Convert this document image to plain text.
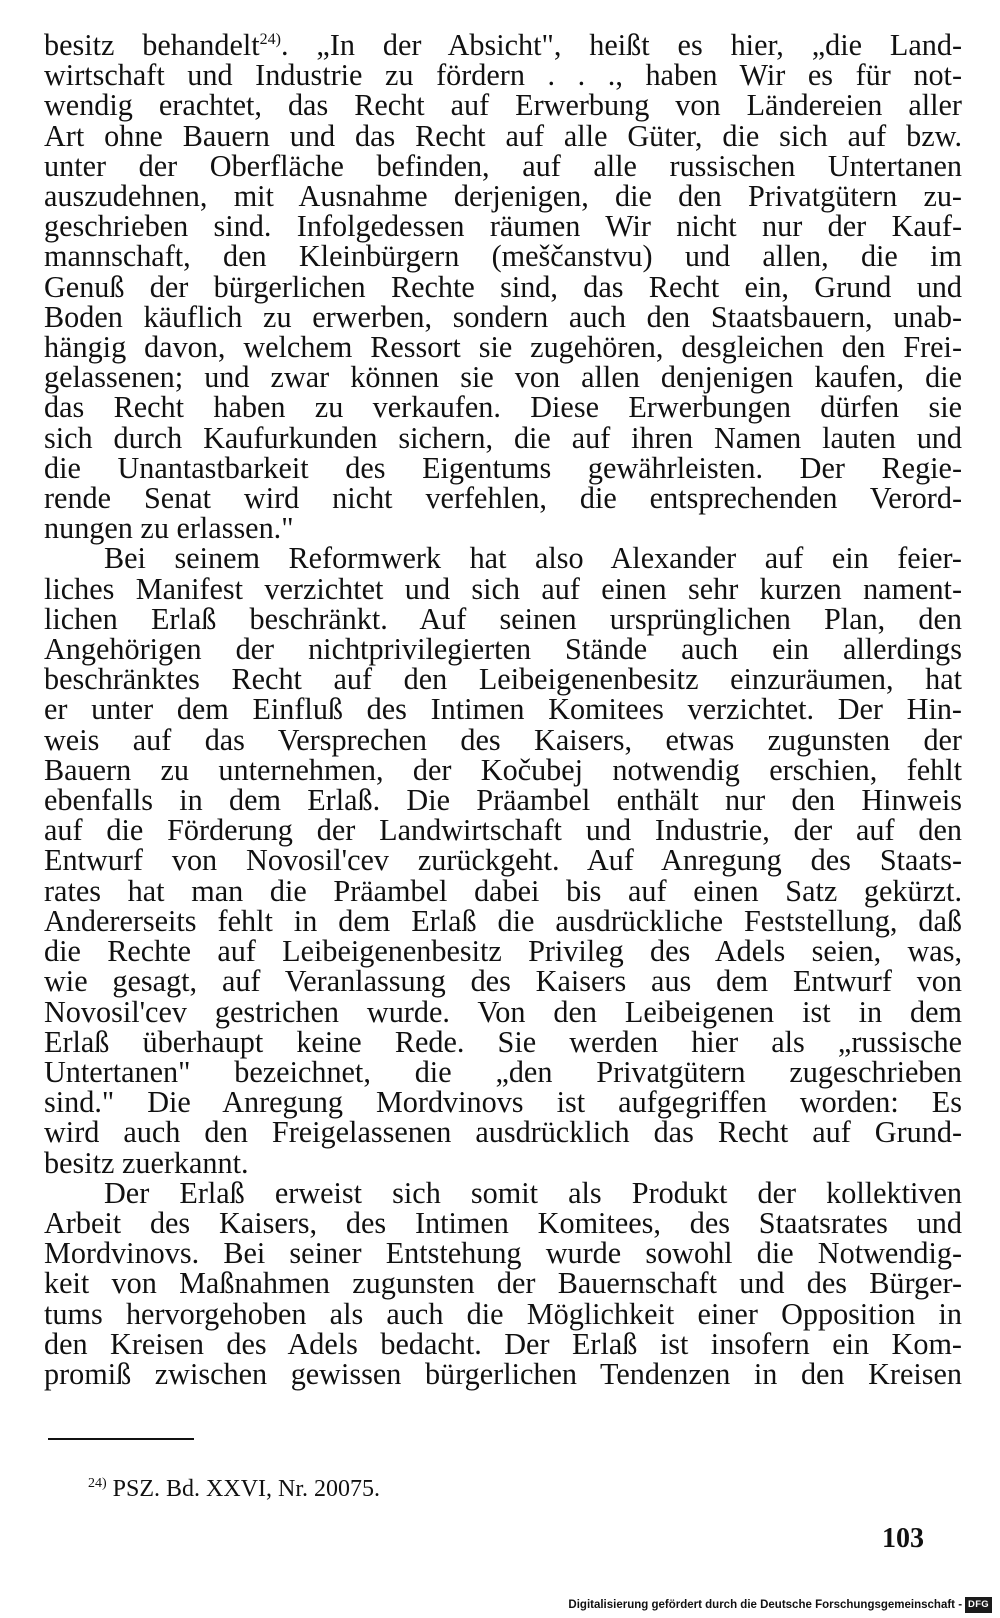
besitz behandelt$^{24)}$. „In der Absicht", heißt es hier, „die Land-
wirtschaft und Industrie zu fördern . . ., haben Wir es für not-
wendig erachtet, das Recht auf Erwerbung von Ländereien aller
Art ohne Bauern und das Recht auf alle Güter, die sich auf bzw.
unter der Oberfläche befinden, auf alle russischen Untertanen
auszudehnen, mit Ausnahme derjenigen, die den Privatgütern zu-
geschrieben sind. Infolgedessen räumen Wir nicht nur der Kauf-
mannschaft, den Kleinbürgern (meščanstvu) und allen, die im
Genuß der bürgerlichen Rechte sind, das Recht ein, Grund und
Boden käuflich zu erwerben, sondern auch den Staatsbauern, unab-
hängig davon, welchem Ressort sie zugehören, desgleichen den Frei-
gelassenen; und zwar können sie von allen denjenigen kaufen, die
das Recht haben zu verkaufen. Diese Erwerbungen dürfen sie
sich durch Kaufurkunden sichern, die auf ihren Namen lauten und
die Unantastbarkeit des Eigentums gewährleisten. Der Regie-
rende Senat wird nicht verfehlen, die entsprechenden Verord-
nungen zu erlassen."
Bei seinem Reformwerk hat also Alexander auf ein feier-
liches Manifest verzichtet und sich auf einen sehr kurzen nament-
lichen Erlaß beschränkt. Auf seinen ursprünglichen Plan, den
Angehörigen der nichtprivilegierten Stände auch ein allerdings
beschränktes Recht auf den Leibeigenenbesitz einzuräumen, hat
er unter dem Einfluß des Intimen Komitees verzichtet. Der Hin-
weis auf das Versprechen des Kaisers, etwas zugunsten der
Bauern zu unternehmen, der Kočubej notwendig erschien, fehlt
ebenfalls in dem Erlaß. Die Präambel enthält nur den Hinweis
auf die Förderung der Landwirtschaft und Industrie, der auf den
Entwurf von Novosil'cev zurückgeht. Auf Anregung des Staats-
rates hat man die Präambel dabei bis auf einen Satz gekürzt.
Andererseits fehlt in dem Erlaß die ausdrückliche Feststellung, daß
die Rechte auf Leibeigenenbesitz Privileg des Adels seien, was,
wie gesagt, auf Veranlassung des Kaisers aus dem Entwurf von
Novosil'cev gestrichen wurde. Von den Leibeigenen ist in dem
Erlaß überhaupt keine Rede. Sie werden hier als „russische
Untertanen" bezeichnet, die „den Privatgütern zugeschrieben
sind." Die Anregung Mordvinovs ist aufgegriffen worden: Es
wird auch den Freigelassenen ausdrücklich das Recht auf Grund-
besitz zuerkannt.
Der Erlaß erweist sich somit als Produkt der kollektiven
Arbeit des Kaisers, des Intimen Komitees, des Staatsrates und
Mordvinovs. Bei seiner Entstehung wurde sowohl die Notwendig-
keit von Maßnahmen zugunsten der Bauernschaft und des Bürger-
tums hervorgehoben als auch die Möglichkeit einer Opposition in
den Kreisen des Adels bedacht. Der Erlaß ist insofern ein Kom-
promiß zwischen gewissen bürgerlichen Tendenzen in den Kreisen
$^{24)}$ PSZ. Bd. XXVI, Nr. 20075.
103
Digitalisierung gefördert durch die Deutsche Forschungsgemeinschaft - DFG
